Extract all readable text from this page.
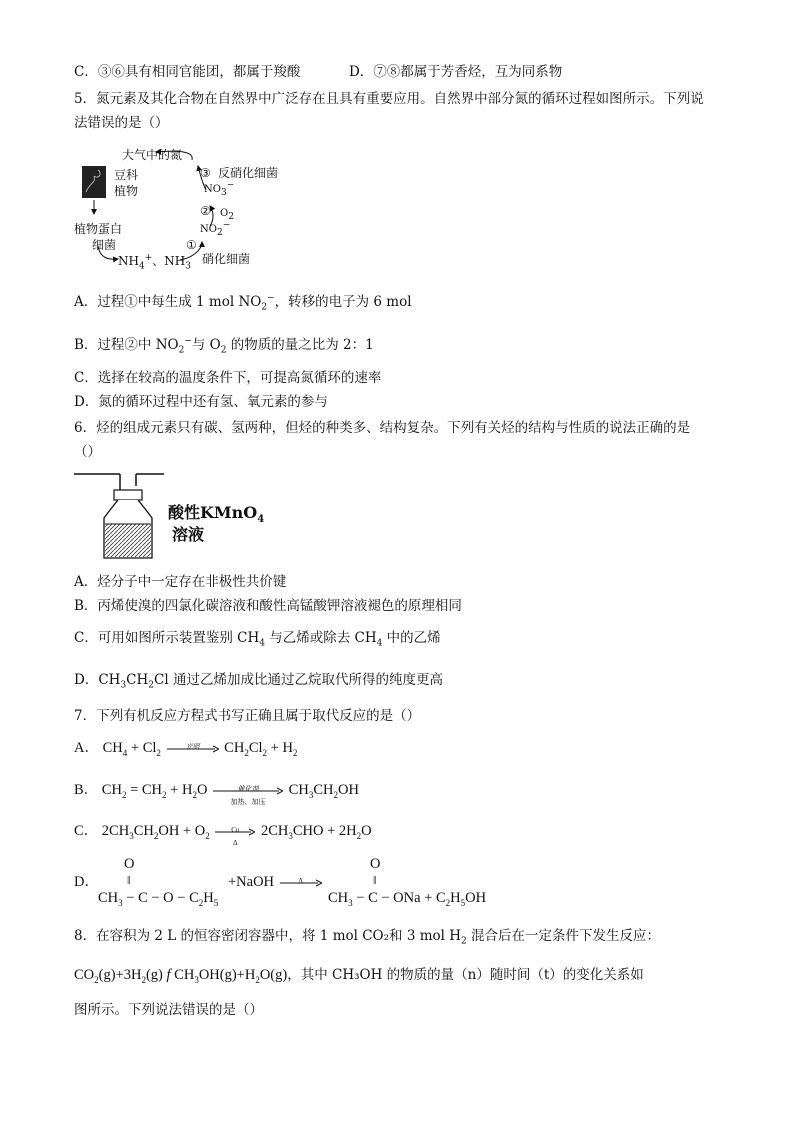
C．③⑥具有相同官能团，都属于羧酸	D．⑦⑧都属于芳香烃，互为同系物
5．氮元素及其化合物在自然界中广泛存在且具有重要应用。自然界中部分氮的循环过程如图所示。下列说
法错误的是（）
大气中的氮
豆科
植物
植物蛋白
细菌
$NH_4^+$、$NH_3$
③ 反硝化细菌
$NO_3^-$
② $O_2$
$NO_2^-$
①
硝化细菌
A．过程①中每生成 1 mol $NO_2^-$，转移的电子为 6 mol
B．过程②中 $NO_2^-$与 $O_2$ 的物质的量之比为 2：1
C．选择在较高的温度条件下，可提高氮循环的速率
D．氮的循环过程中还有氢、氧元素的参与
6．烃的组成元素只有碳、氢两种，但烃的种类多、结构复杂。下列有关烃的结构与性质的说法正确的是
（）
酸性KMnO$_4$
溶液
A．烃分子中一定存在非极性共价键
B．丙烯使溴的四氯化碳溶液和酸性高锰酸钾溶液褪色的原理相同
C．可用如图所示装置鉴别 $CH_4$ 与乙烯或除去 $CH_4$ 中的乙烯
D．$CH_3CH_2Cl$ 通过乙烯加成比通过乙烷取代所得的纯度更高
7．下列有机反应方程式书写正确且属于取代反应的是（）
A． $CH_4 + Cl_2$
光照	$CH_2Cl_2 + H_2$
B． $CH_2 = CH_2 + H_2O$	催化剂
加热、加压
$CH_3CH_2OH$
C． $2CH_3CH_2OH + O_2$
Cu
Δ
$2CH_3CHO + 2H_2O$
O	O
‖	‖
D．
$CH_3 - C - O - C_2H_5$
+NaOH	Δ
$CH_3 - C$ − ONa + $C_2H_5OH$
8．在容积为 2 L 的恒容密闭容器中，将 1 mol CO₂和 3 mol $H_2$ 混合后在一定条件下发生反应：
$CO_2(g)+3H_2(g)$ f $CH_3OH(g)+H_2O(g)$，其中 CH₃OH 的物质的量（n）随时间（t）的变化关系如
图所示。下列说法错误的是（）
